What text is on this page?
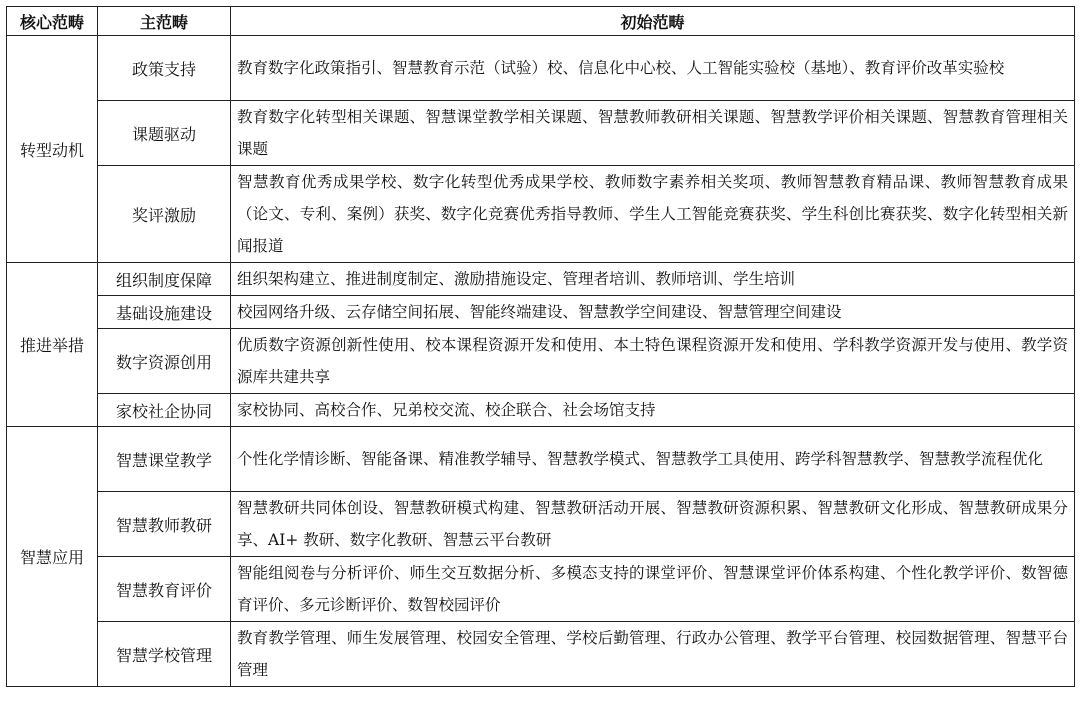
核心范畴	主范畴	初始范畴
转型动机	政策支持	教育数字化政策指引、智慧教育示范（试验）校、信息化中心校、人工智能实验校（基地）、教育评价改革实验校
	课题驱动	教育数字化转型相关课题、智慧课堂教学相关课题、智慧教师教研相关课题、智慧教学评价相关课题、智慧教育管理相关课题
	奖评激励	智慧教育优秀成果学校、数字化转型优秀成果学校、教师数字素养相关奖项、教师智慧教育精品课、教师智慧教育成果（论文、专利、案例）获奖、数字化竞赛优秀指导教师、学生人工智能竞赛获奖、学生科创比赛获奖、数字化转型相关新闻报道
推进举措	组织制度保障	组织架构建立、推进制度制定、激励措施设定、管理者培训、教师培训、学生培训
	基础设施建设	校园网络升级、云存储空间拓展、智能终端建设、智慧教学空间建设、智慧管理空间建设
	数字资源创用	优质数字资源创新性使用、校本课程资源开发和使用、本土特色课程资源开发和使用、学科教学资源开发与使用、教学资源库共建共享
	家校社企协同	家校协同、高校合作、兄弟校交流、校企联合、社会场馆支持
智慧应用	智慧课堂教学	个性化学情诊断、智能备课、精准教学辅导、智慧教学模式、智慧教学工具使用、跨学科智慧教学、智慧教学流程优化
	智慧教师教研	智慧教研共同体创设、智慧教研模式构建、智慧教研活动开展、智慧教研资源积累、智慧教研文化形成、智慧教研成果分享、AI+ 教研、数字化教研、智慧云平台教研
	智慧教育评价	智能组阅卷与分析评价、师生交互数据分析、多模态支持的课堂评价、智慧课堂评价体系构建、个性化教学评价、数智德育评价、多元诊断评价、数智校园评价
	智慧学校管理	教育教学管理、师生发展管理、校园安全管理、学校后勤管理、行政办公管理、教学平台管理、校园数据管理、智慧平台管理
